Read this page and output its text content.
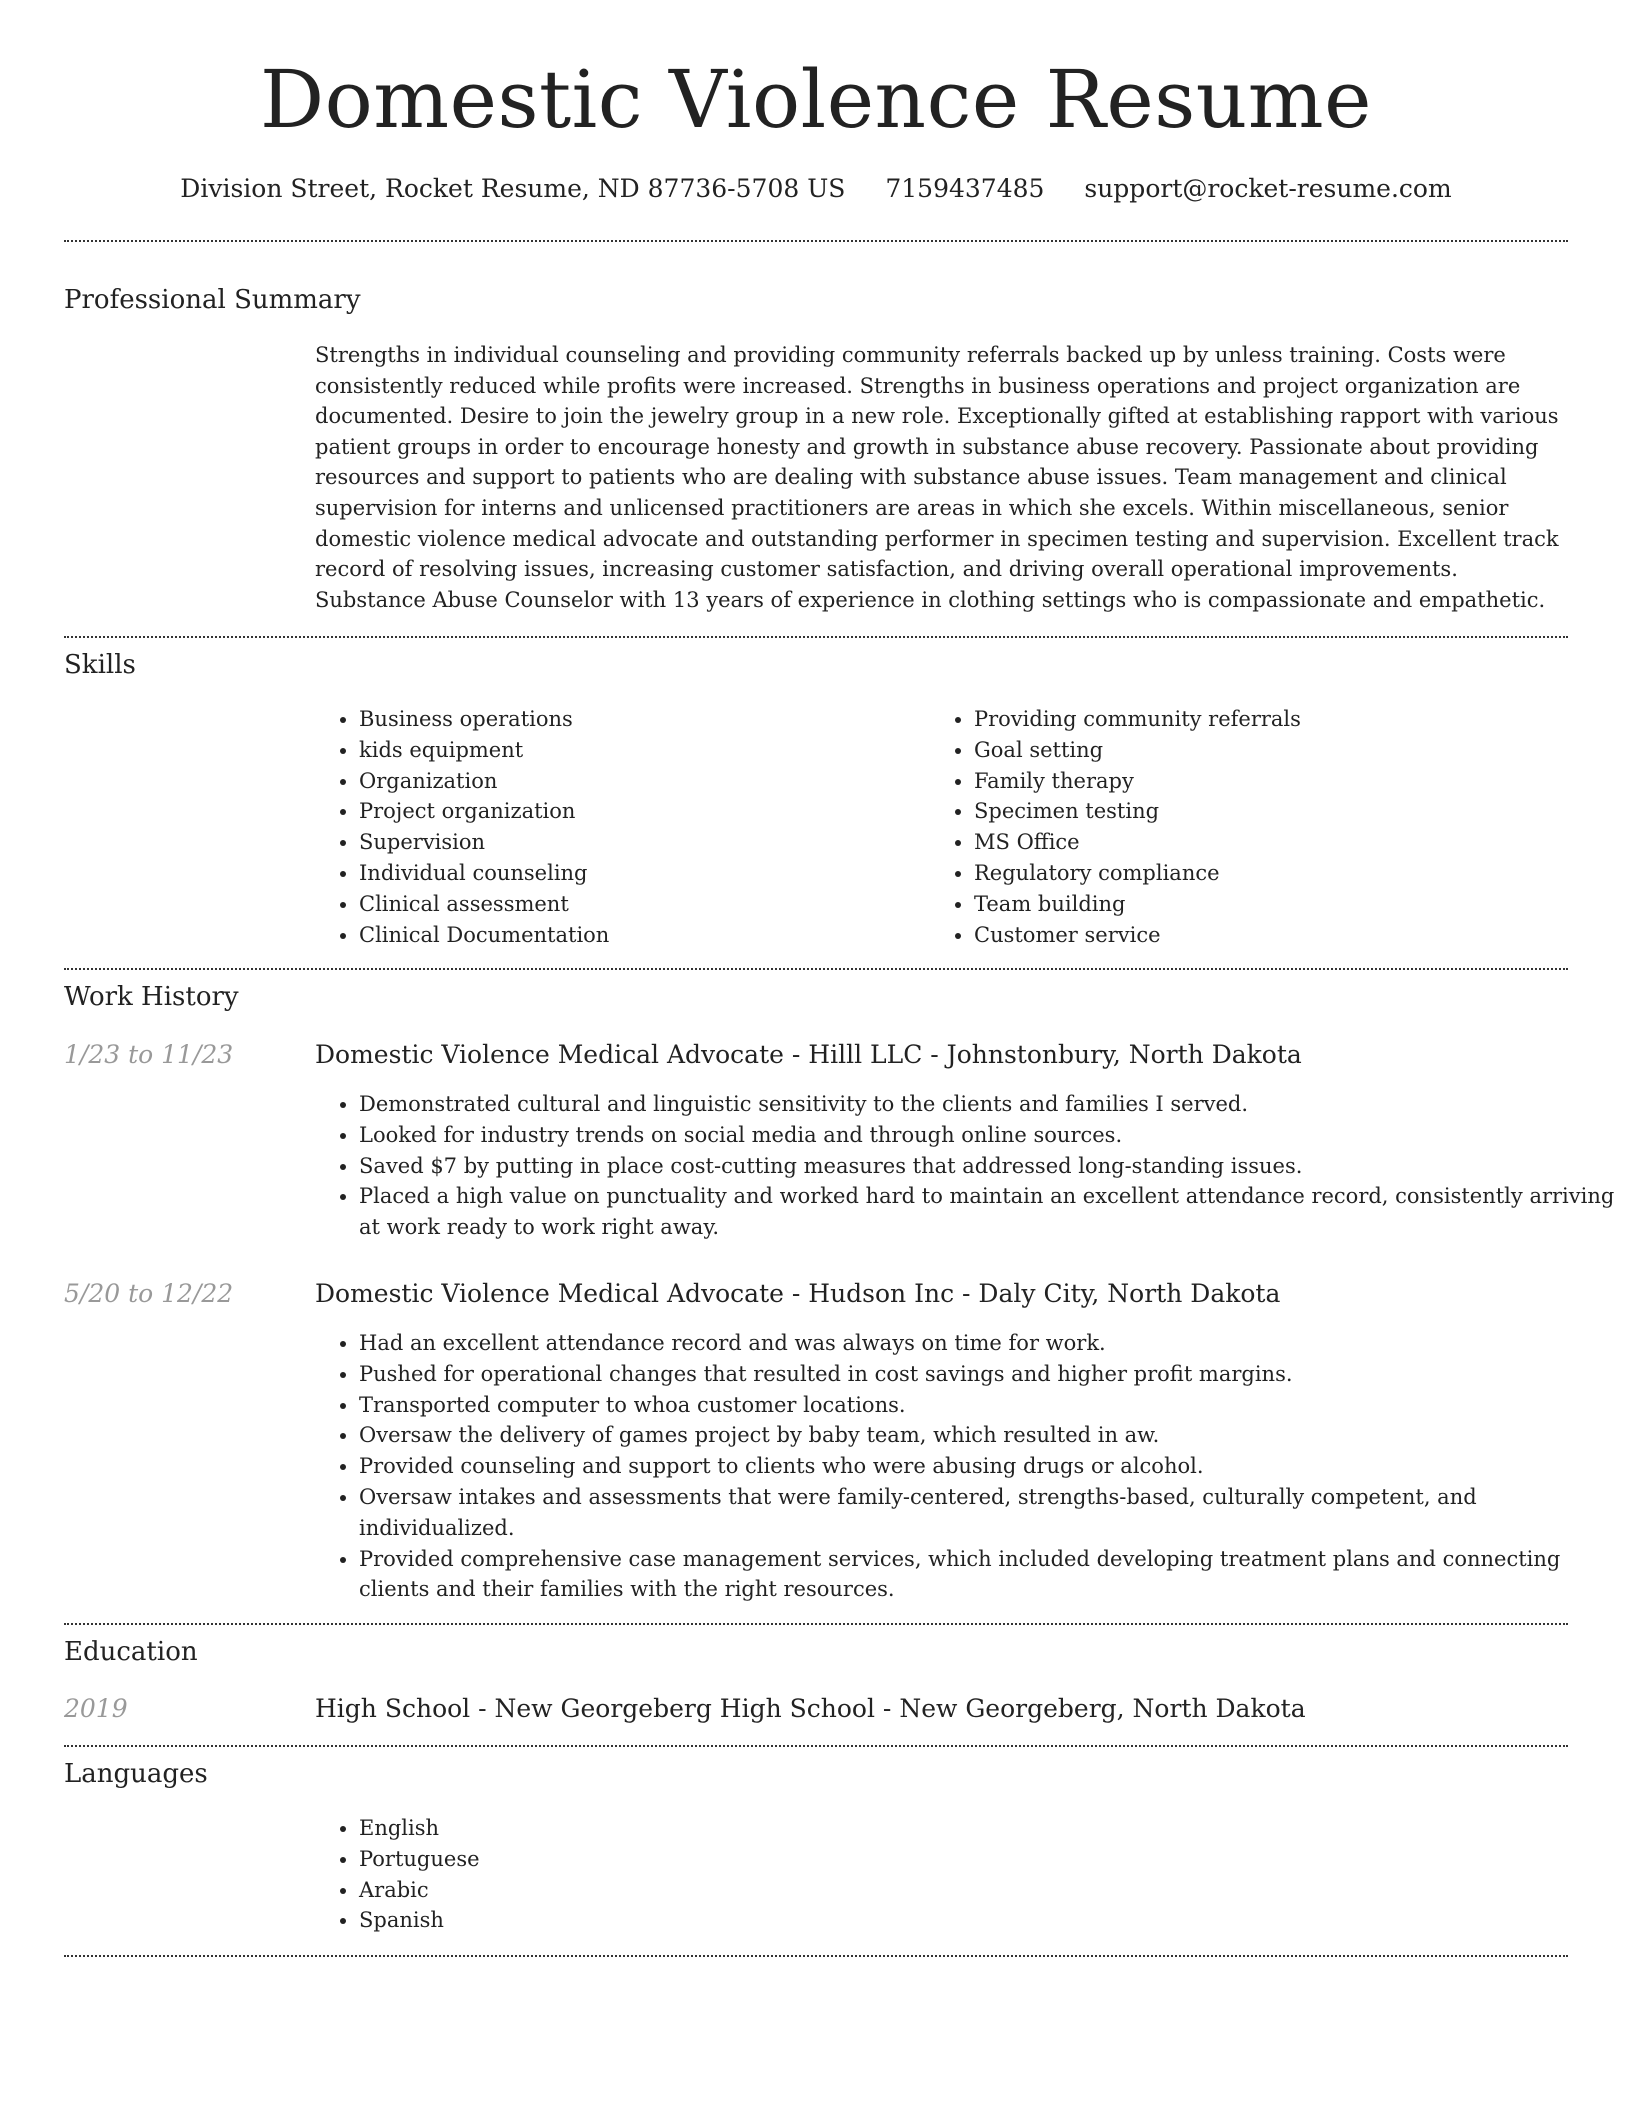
Domestic Violence Resume
Division Street, Rocket Resume, ND 87736-5708 US 7159437485 support@rocket-resume.com
Professional Summary

Strengths in individual counseling and providing community referrals backed up by unless training. Costs were consistently reduced while profits were increased. Strengths in business operations and project organization are documented. Desire to join the jewelry group in a new role. Exceptionally gifted at establishing rapport with various patient groups in order to encourage honesty and growth in substance abuse recovery. Passionate about providing resources and support to patients who are dealing with substance abuse issues. Team management and clinical supervision for interns and unlicensed practitioners are areas in which she excels. Within miscellaneous, senior domestic violence medical advocate and outstanding performer in specimen testing and supervision. Excellent track record of resolving issues, increasing customer satisfaction, and driving overall operational improvements. Substance Abuse Counselor with 13 years of experience in clothing settings who is compassionate and empathetic.

Skills
• Business operations
• kids equipment
• Organization
• Project organization
• Supervision
• Individual counseling
• Clinical assessment
• Clinical Documentation
• Providing community referrals
• Goal setting
• Family therapy
• Specimen testing
• MS Office
• Regulatory compliance
• Team building
• Customer service
Work History
1/23 to 11/23	Domestic Violence Medical Advocate - Hilll LLC - Johnstonbury, North Dakota
• Demonstrated cultural and linguistic sensitivity to the clients and families I served.
• Looked for industry trends on social media and through online sources.
• Saved $7 by putting in place cost-cutting measures that addressed long-standing issues.
• Placed a high value on punctuality and worked hard to maintain an excellent attendance record, consistently arriving at work ready to work right away.
5/20 to 12/22	Domestic Violence Medical Advocate - Hudson Inc - Daly City, North Dakota
• Had an excellent attendance record and was always on time for work.
• Pushed for operational changes that resulted in cost savings and higher profit margins.
• Transported computer to whoa customer locations.
• Oversaw the delivery of games project by baby team, which resulted in aw.
• Provided counseling and support to clients who were abusing drugs or alcohol.
• Oversaw intakes and assessments that were family-centered, strengths-based, culturally competent, and individualized.
• Provided comprehensive case management services, which included developing treatment plans and connecting clients and their families with the right resources.
Education
2019	High School - New Georgeberg High School - New Georgeberg, North Dakota
Languages
• English
• Portuguese
• Arabic
• Spanish
